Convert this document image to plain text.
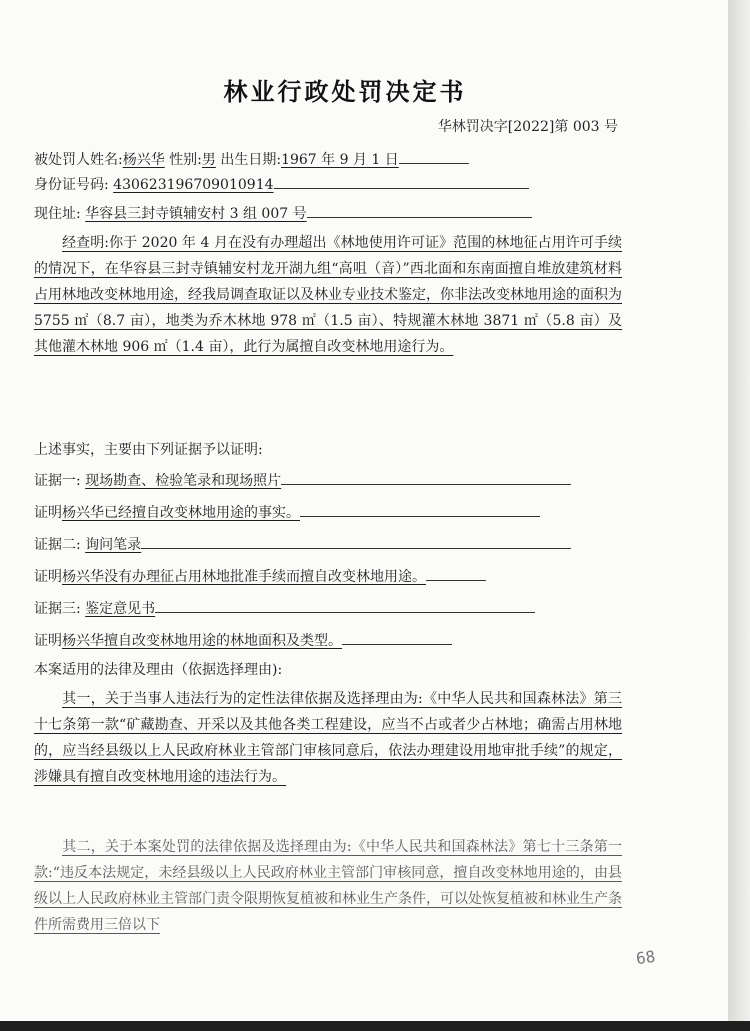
林业行政处罚决定书
华林罚决字[2022]第 003 号
被处罚人姓名:杨兴华 性别:男 出生日期:1967 年 9 月 1 日
身份证号码: 430623196709010914
现住址: 华容县三封寺镇辅安村 3 组 007 号
经查明:你于 2020 年 4 月在没有办理超出《林地使用许可证》范围的林地征占用许可手续的情况下，在华容县三封寺镇辅安村龙开湖九组“高咀（音）”西北面和东南面擅自堆放建筑材料占用林地改变林地用途，经我局调查取证以及林业专业技术鉴定，你非法改变林地用途的面积为5755 ㎡（8.7 亩），地类为乔木林地 978 ㎡（1.5 亩）、特规灌木林地 3871 ㎡（5.8 亩）及其他灌木林地 906 ㎡（1.4 亩），此行为属擅自改变林地用途行为。
上述事实，主要由下列证据予以证明:
证据一: 现场勘查、检验笔录和现场照片
证明杨兴华已经擅自改变林地用途的事实。
证据二: 询问笔录
证明杨兴华没有办理征占用林地批准手续而擅自改变林地用途。
证据三: 鉴定意见书
证明杨兴华擅自改变林地用途的林地面积及类型。
本案适用的法律及理由（依据选择理由):
其一，关于当事人违法行为的定性法律依据及选择理由为:《中华人民共和国森林法》第三十七条第一款“矿藏勘查、开采以及其他各类工程建设，应当不占或者少占林地；确需占用林地的，应当经县级以上人民政府林业主管部门审核同意后，依法办理建设用地审批手续”的规定，涉嫌具有擅自改变林地用途的违法行为。
其二，关于本案处罚的法律依据及选择理由为:《中华人民共和国森林法》第七十三条第一款:“违反本法规定，未经县级以上人民政府林业主管部门审核同意，擅自改变林地用途的，由县级以上人民政府林业主管部门责令限期恢复植被和林业生产条件，可以处恢复植被和林业生产条件所需费用三倍以下
68
